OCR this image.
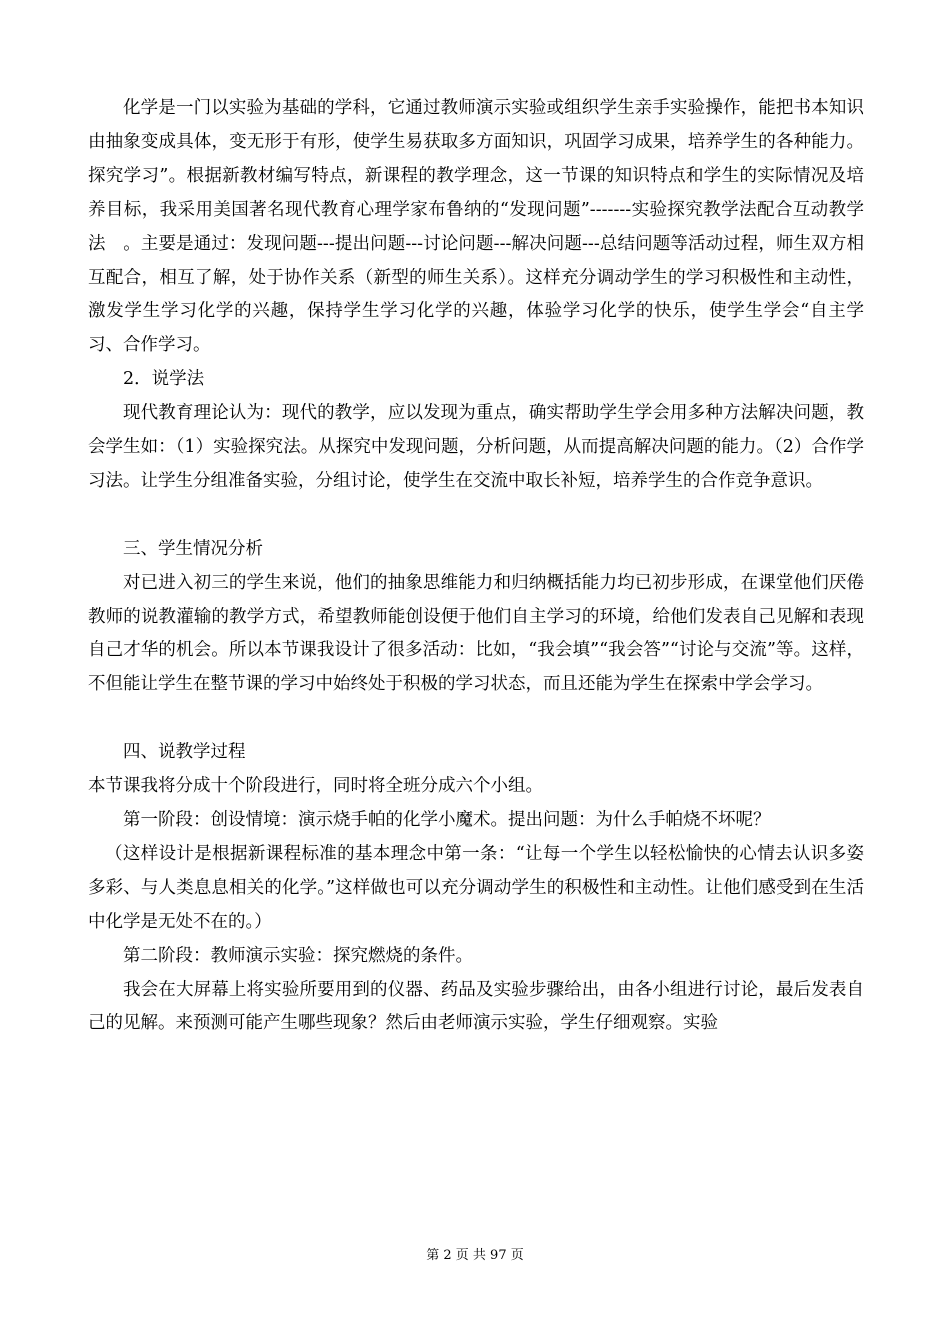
化学是一门以实验为基础的学科，它通过教师演示实验或组织学生亲手实验操作，能把书本知识由抽象变成具体，变无形于有形，使学生易获取多方面知识，巩固学习成果，培养学生的各种能力。探究学习”。根据新教材编写特点，新课程的教学理念，这一节课的知识特点和学生的实际情况及培养目标，我采用美国著名现代教育心理学家布鲁纳的“发现问题”-------实验探究教学法配合互动教学法　。主要是通过：发现问题---提出问题---讨论问题---解决问题---总结问题等活动过程，师生双方相互配合，相互了解，处于协作关系（新型的师生关系）。这样充分调动学生的学习积极性和主动性，激发学生学习化学的兴趣，保持学生学习化学的兴趣，体验学习化学的快乐，使学生学会“自主学习、合作学习。

2．说学法

现代教育理论认为：现代的教学，应以发现为重点，确实帮助学生学会用多种方法解决问题，教会学生如：（1）实验探究法。从探究中发现问题，分析问题，从而提高解决问题的能力。（2）合作学习法。让学生分组准备实验，分组讨论，使学生在交流中取长补短，培养学生的合作竞争意识。

三、学生情况分析

对已进入初三的学生来说，他们的抽象思维能力和归纳概括能力均已初步形成，在课堂他们厌倦教师的说教灌输的教学方式，希望教师能创设便于他们自主学习的环境，给他们发表自己见解和表现自己才华的机会。所以本节课我设计了很多活动：比如，“我会填”“我会答”“讨论与交流”等。这样，不但能让学生在整节课的学习中始终处于积极的学习状态，而且还能为学生在探索中学会学习。

四、说教学过程

本节课我将分成十个阶段进行，同时将全班分成六个小组。

第一阶段：创设情境：演示烧手帕的化学小魔术。提出问题：为什么手帕烧不坏呢？

（这样设计是根据新课程标准的基本理念中第一条：“让每一个学生以轻松愉快的心情去认识多姿多彩、与人类息息相关的化学。”这样做也可以充分调动学生的积极性和主动性。让他们感受到在生活中化学是无处不在的。）

第二阶段：教师演示实验：探究燃烧的条件。

我会在大屏幕上将实验所要用到的仪器、药品及实验步骤给出，由各小组进行讨论，最后发表自己的见解。来预测可能产生哪些现象？然后由老师演示实验，学生仔细观察。实验

第 2 页 共 97 页
